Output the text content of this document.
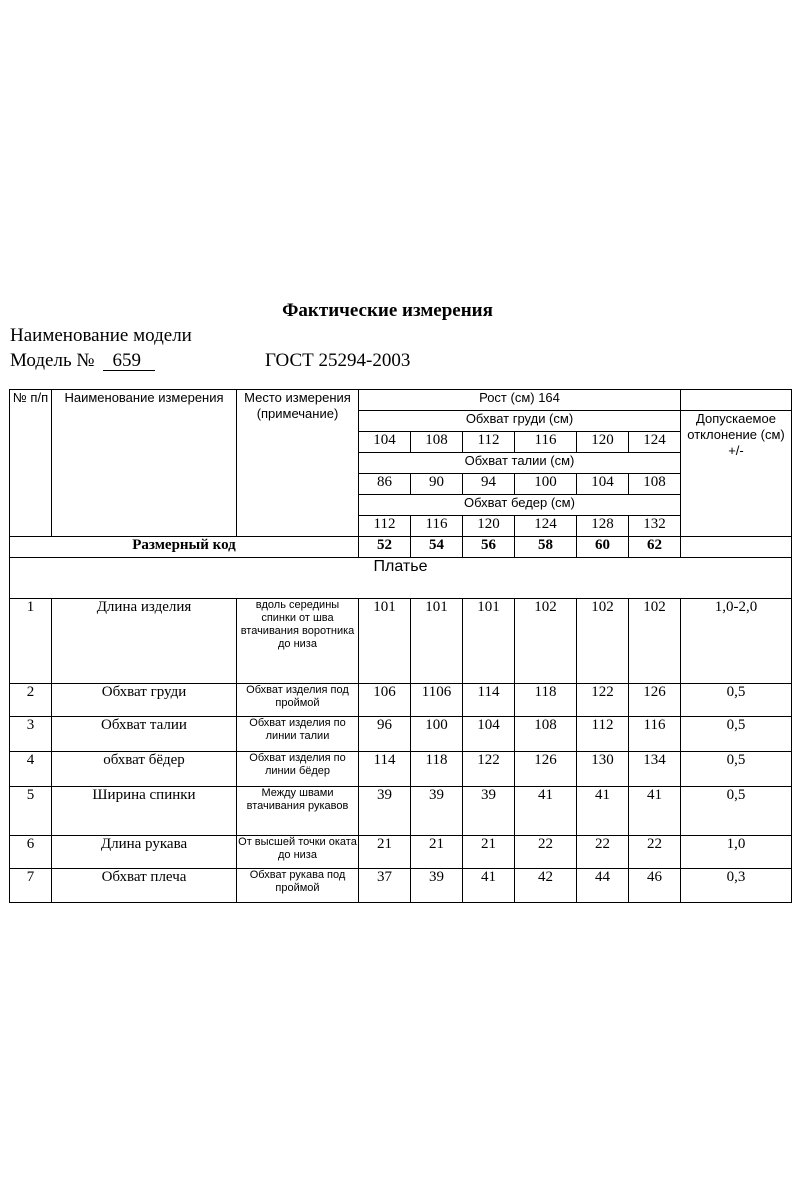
Фактические измерения
Наименование модели
Модель № 659	ГОСТ 25294-2003
№ п/п	Наименование измерения	Место измерения (примечание)	Рост (см) 164						
			Обхват груди (см)						Допускаемое отклонение (см) +/-
			104	108	112	116	120	124	
			Обхват талии (см)						
			86	90	94	100	104	108	
			Обхват бедер (см)						
			112	116	120	124	128	132	
Размерный код			52	54	56	58	60	62	
Платье									
1	Длина изделия	вдоль середины спинки от шва втачивания воротника до низа	101	101	101	102	102	102	1,0-2,0
2	Обхват груди	Обхват изделия под проймой	106	1106	114	118	122	126	0,5
3	Обхват талии	Обхват изделия по линии талии	96	100	104	108	112	116	0,5
4	обхват бёдер	Обхват изделия по линии бёдер	114	118	122	126	130	134	0,5
5	Ширина спинки	Между швами втачивания рукавов	39	39	39	41	41	41	0,5
6	Длина рукава	От высшей точки оката до низа	21	21	21	22	22	22	1,0
7	Обхват плеча	Обхват рукава под проймой	37	39	41	42	44	46	0,3
